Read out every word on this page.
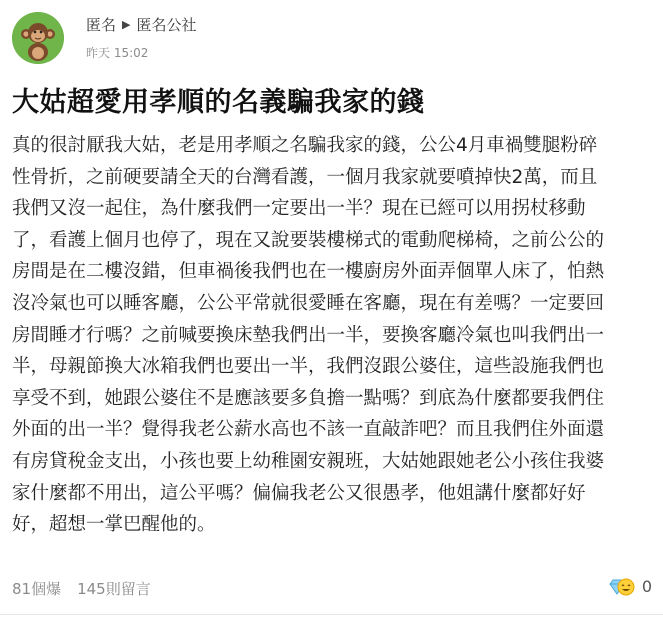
匿名 ▶ 匿名公社
昨天 15:02
大姑超愛用孝順的名義騙我家的錢
真的很討厭我大姑，老是用孝順之名騙我家的錢，公公4月車禍雙腿粉碎
性骨折，之前硬要請全天的台灣看護，一個月我家就要噴掉快2萬，而且
我們又沒一起住，為什麼我們一定要出一半？現在已經可以用拐杖移動
了，看護上個月也停了，現在又說要裝樓梯式的電動爬梯椅，之前公公的
房間是在二樓沒錯，但車禍後我們也在一樓廚房外面弄個單人床了，怕熱
沒冷氣也可以睡客廳，公公平常就很愛睡在客廳，現在有差嗎？一定要回
房間睡才行嗎？之前喊要換床墊我們出一半，要換客廳冷氣也叫我們出一
半，母親節換大冰箱我們也要出一半，我們沒跟公婆住，這些設施我們也
享受不到，她跟公婆住不是應該要多負擔一點嗎？到底為什麼都要我們住
外面的出一半？覺得我老公薪水高也不該一直敲詐吧？而且我們住外面還
有房貸稅金支出，小孩也要上幼稚園安親班，大姑她跟她老公小孩住我婆
家什麼都不用出，這公平嗎？偏偏我老公又很愚孝，他姐講什麼都好好
好，超想一掌巴醒他的。
81個爆 145則留言	0
